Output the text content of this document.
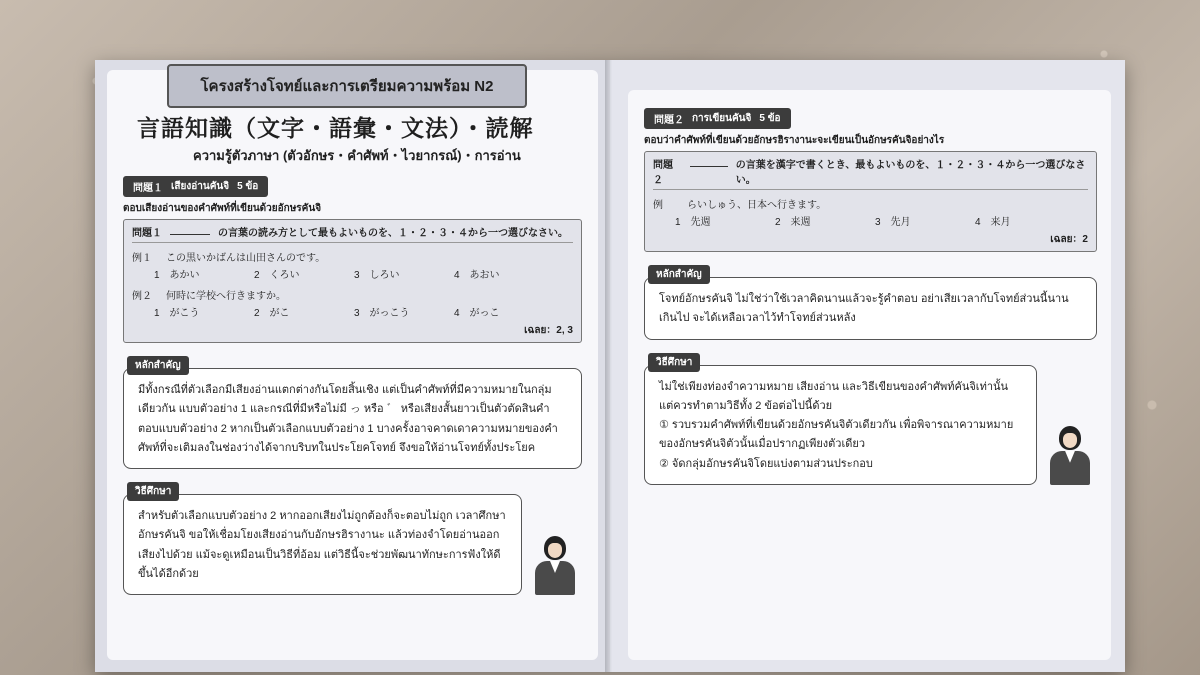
โครงสร้างโจทย์และการเตรียมความพร้อม N2
言語知識（文字・語彙・文法）・読解
ความรู้ตัวภาษา (ตัวอักษร・คำศัพท์・ไวยากรณ์)・การอ่าน
問題１ เสียงอ่านคันจิ 5 ข้อ
ตอบเสียงอ่านของคำศัพท์ที่เขียนด้วยอักษรคันจิ
問題１	の言葉の読み方として最もよいものを、１・２・３・４から一つ選びなさい。
例１	この黒いかばんは山田さんのです。
1　あかい	2　くろい	3　しろい	4　あおい
例２	何時に学校へ行きますか。
1　がこう	2　がこ	3　がっこう	4　がっこ
เฉลย：2, 3
หลักสำคัญ
มีทั้งกรณีที่ตัวเลือกมีเสียงอ่านแตกต่างกันโดยสิ้นเชิง แต่เป็นคำศัพท์ที่มีความหมายในกลุ่มเดียวกัน แบบตัวอย่าง 1 และกรณีที่มีหรือไม่มี っ หรือ ゛ หรือเสียงสั้นยาวเป็นตัวตัดสินคำตอบแบบตัวอย่าง 2 หากเป็นตัวเลือกแบบตัวอย่าง 1 บางครั้งอาจคาดเดาความหมายของคำศัพท์ที่จะเติมลงในช่องว่างได้จากบริบทในประโยคโจทย์ จึงขอให้อ่านโจทย์ทั้งประโยค
วิธีศึกษา
สำหรับตัวเลือกแบบตัวอย่าง 2 หากออกเสียงไม่ถูกต้องก็จะตอบไม่ถูก เวลาศึกษาอักษรคันจิ ขอให้เชื่อมโยงเสียงอ่านกับอักษรฮิรางานะ แล้วท่องจำโดยอ่านออกเสียงไปด้วย แม้จะดูเหมือนเป็นวิธีที่อ้อม แต่วิธีนี้จะช่วยพัฒนาทักษะการฟังให้ดีขึ้นได้อีกด้วย
問題２ การเขียนคันจิ 5 ข้อ
ตอบว่าคำศัพท์ที่เขียนด้วยอักษรฮิรางานะจะเขียนเป็นอักษรคันจิอย่างไร
問題２
の言葉を漢字で書くとき、最もよいものを、１・２・３・４から一つ選びなさい。
例	らいしゅう、日本へ行きます。
1　先週	2　来週	3　先月	4　来月
เฉลย：2
หลักสำคัญ
โจทย์อักษรคันจิ ไม่ใช่ว่าใช้เวลาคิดนานแล้วจะรู้คำตอบ อย่าเสียเวลากับโจทย์ส่วนนี้นานเกินไป จะได้เหลือเวลาไว้ทำโจทย์ส่วนหลัง
วิธีศึกษา
ไม่ใช่เพียงท่องจำความหมาย เสียงอ่าน และวิธีเขียนของคำศัพท์คันจิเท่านั้น แต่ควรทำตามวิธีทั้ง 2 ข้อต่อไปนี้ด้วย
① รวบรวมคำศัพท์ที่เขียนด้วยอักษรคันจิตัวเดียวกัน เพื่อพิจารณาความหมายของอักษรคันจิตัวนั้นเมื่อปรากฏเพียงตัวเดียว
② จัดกลุ่มอักษรคันจิโดยแบ่งตามส่วนประกอบ
